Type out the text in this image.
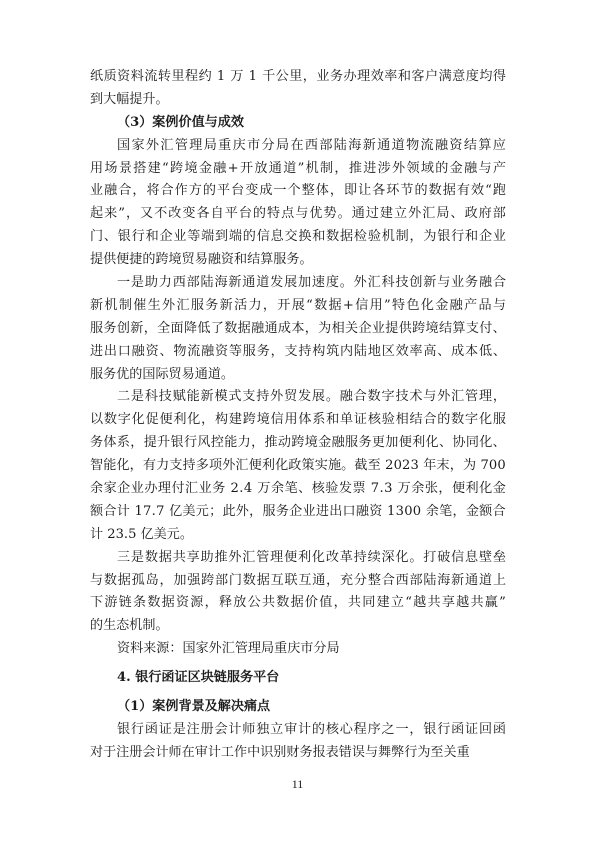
纸 质 资 料 流 转 里 程 约
1
万
1
千 公 里 ， 业 务 办 理 效 率 和 客 户 满 意 度 均 得
到大幅提升。
（3）案例价值与成效
国 家 外 汇 管 理 局 重 庆 市 分 局 在 西 部 陆 海 新 通 道 物 流 融 资 结 算 应
用 场 景 搭 建 “ 跨 境 金 融 + 开 放 通 道 ” 机 制 ， 推 进 涉 外 领 域 的 金 融 与 产
业 融 合 ， 将 合 作 方 的 平 台 变 成 一 个 整 体 ， 即 让 各 环 节 的 数 据 有 效 “ 跑
起 来 ” ， 又 不 改 变 各 自 平 台 的 特 点 与 优 势 。 通 过 建 立 外 汇 局 、 政 府 部
门 、 银 行 和 企 业 等 端 到 端 的 信 息 交 换 和 数 据 检 验 机 制 ， 为 银 行 和 企 业
提供便捷的跨境贸易融资和结算服务。
一 是 助 力 西 部 陆 海 新 通 道 发 展 加 速 度 。 外 汇 科 技 创 新 与 业 务 融 合
新 机 制 催 生 外 汇 服 务 新 活 力 ， 开 展 “ 数 据 + 信 用 ” 特 色 化 金 融 产 品 与
服 务 创 新 ， 全 面 降 低 了 数 据 融 通 成 本 ， 为 相 关 企 业 提 供 跨 境 结 算 支 付 、
进 出 口 融 资 、 物 流 融 资 等 服 务 ， 支 持 构 筑 内 陆 地 区 效 率 高 、 成 本 低 、
服务优的国际贸易通道。
二 是 科 技 赋 能 新 模 式 支 持 外 贸 发 展 。 融 合 数 字 技 术 与 外 汇 管 理 ，
以 数 字 化 促 便 利 化 ， 构 建 跨 境 信 用 体 系 和 单 证 核 验 相 结 合 的 数 字 化 服
务 体 系 ， 提 升 银 行 风 控 能 力 ， 推 动 跨 境 金 融 服 务 更 加 便 利 化 、 协 同 化 、
智 能 化 ， 有 力 支 持 多 项 外 汇 便 利 化 政 策 实 施 。 截 至
2 0 2 3
年 末 ， 为
7 0 0
余 家 企 业 办 理 付 汇 业 务
2 . 4
万 余 笔 、 核 验 发 票
7 . 3
万 余 张 ， 便 利 化 金
额 合 计
1 7 . 7
亿 美 元 ； 此 外 ， 服 务 企 业 进 出 口 融 资
1 3 0 0
余 笔 ， 金 额 合
计 23.5 亿美元。
三 是 数 据 共 享 助 推 外 汇 管 理 便 利 化 改 革 持 续 深 化 。 打 破 信 息 壁 垒
与 数 据 孤 岛 ， 加 强 跨 部 门 数 据 互 联 互 通 ， 充 分 整 合 西 部 陆 海 新 通 道 上
下 游 链 条 数 据 资 源 ， 释 放 公 共 数 据 价 值 ， 共 同 建 立 “ 越 共 享 越 共 赢 ”
的生态机制。
资料来源：国家外汇管理局重庆市分局
4. 银行函证区块链服务平台
（1）案例背景及解决痛点
银 行 函 证 是 注 册 会 计 师 独 立 审 计 的 核 心 程 序 之 一 ， 银 行 函 证 回 函
对于注册会计师在审计工作中识别财务报表错误与舞弊行为至关重
11
